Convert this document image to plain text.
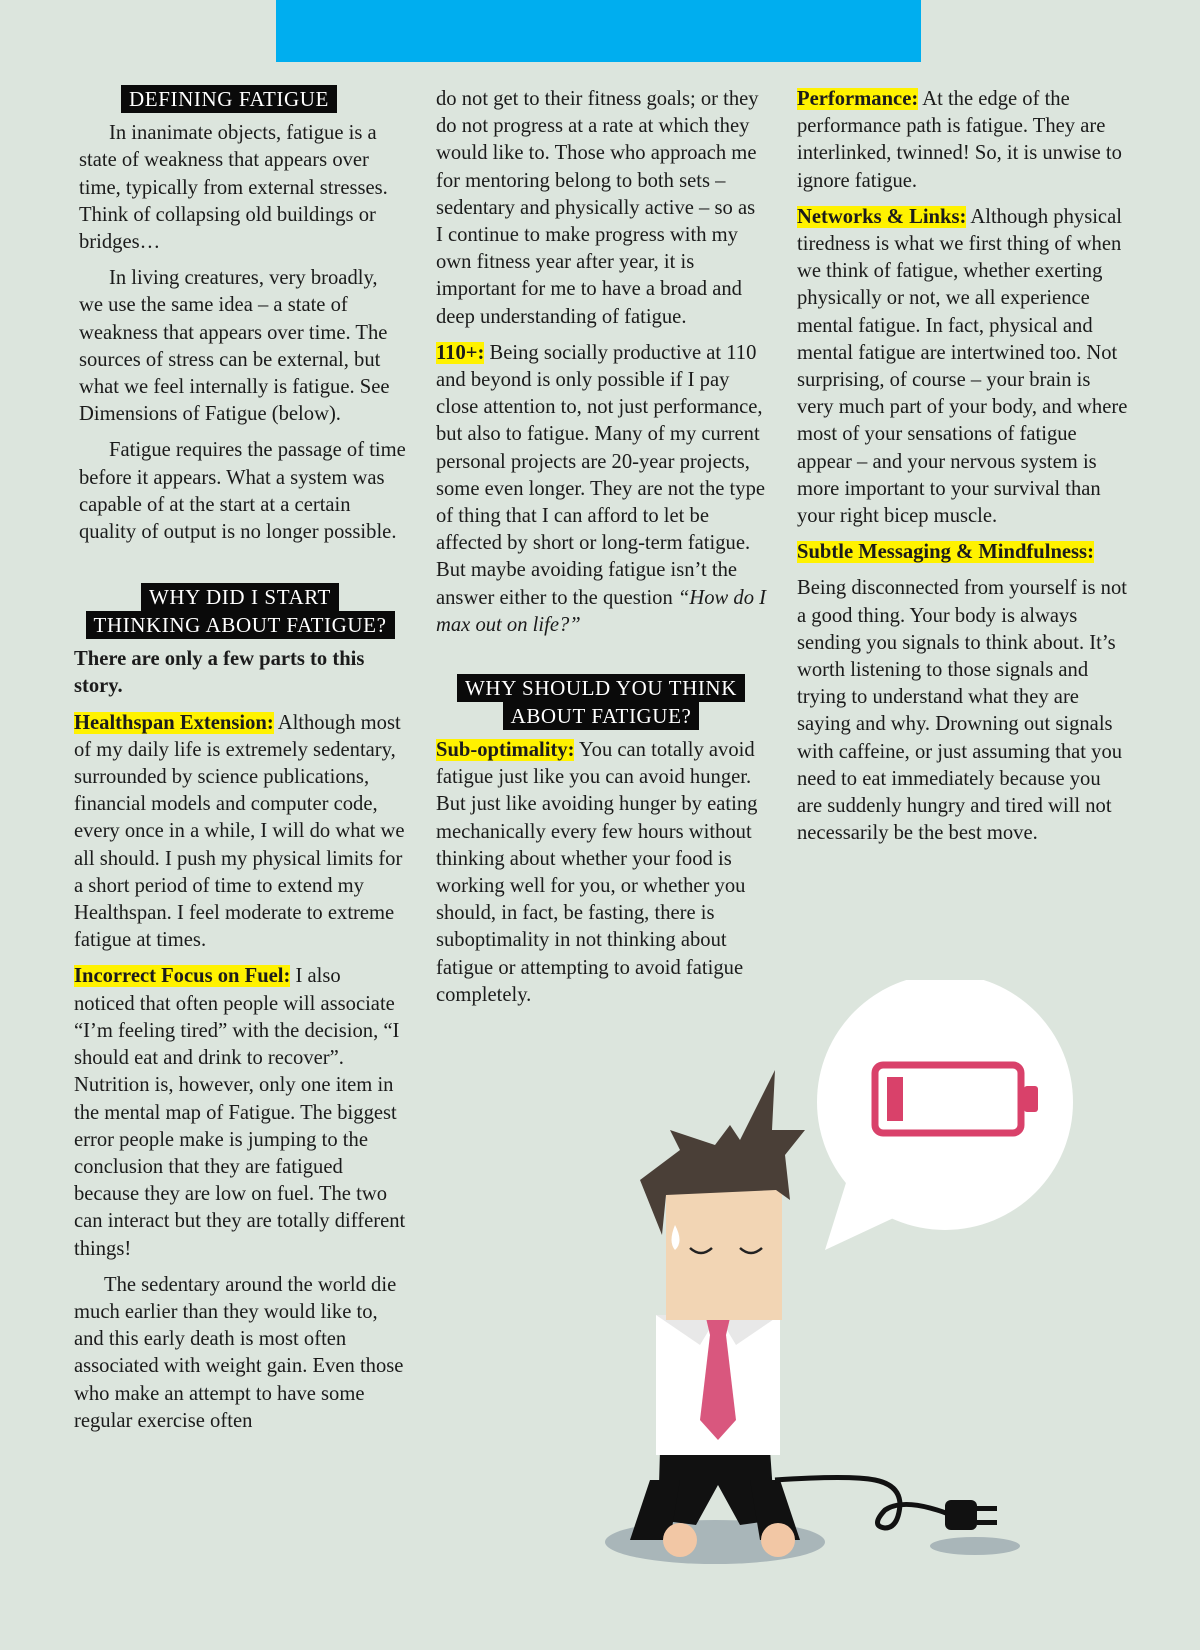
DEFINING FATIGUE

In inanimate objects, fatigue is a state of weakness that appears over time, typically from external stresses. Think of collapsing old buildings or bridges…

In living creatures, very broadly, we use the same idea – a state of weakness that appears over time. The sources of stress can be external, but what we feel internally is fatigue. See Dimensions of Fatigue (below).

Fatigue requires the passage of time before it appears. What a system was capable of at the start at a certain quality of output is no longer possible.

WHY DID I START
THINKING ABOUT FATIGUE?

There are only a few parts to this story.

Healthspan Extension: Although most of my daily life is extremely sedentary, surrounded by science publications, financial models and computer code, every once in a while, I will do what we all should. I push my physical limits for a short period of time to extend my Healthspan. I feel moderate to extreme fatigue at times.

Incorrect Focus on Fuel: I also noticed that often people will associate “I’m feeling tired” with the decision, “I should eat and drink to recover”. Nutrition is, however, only one item in the mental map of Fatigue. The biggest error people make is jumping to the conclusion that they are fatigued because they are low on fuel. The two can interact but they are totally different things!

The sedentary around the world die much earlier than they would like to, and this early death is most often associated with weight gain. Even those who make an attempt to have some regular exercise often

do not get to their fitness goals; or they do not progress at a rate at which they would like to. Those who approach me for mentoring belong to both sets – sedentary and physically active – so as I continue to make progress with my own fitness year after year, it is important for me to have a broad and deep understanding of fatigue.

110+: Being socially productive at 110 and beyond is only possible if I pay close attention to, not just performance, but also to fatigue. Many of my current personal projects are 20-year projects, some even longer. They are not the type of thing that I can afford to let be affected by short or long-term fatigue. But maybe avoiding fatigue isn’t the answer either to the question “How do I max out on life?”

WHY SHOULD YOU THINK
ABOUT FATIGUE?

Sub-optimality: You can totally avoid fatigue just like you can avoid hunger. But just like avoiding hunger by eating mechanically every few hours without thinking about whether your food is working well for you, or whether you should, in fact, be fasting, there is suboptimality in not thinking about fatigue or attempting to avoid fatigue completely.

Performance: At the edge of the performance path is fatigue. They are interlinked, twinned! So, it is unwise to ignore fatigue.

Networks & Links: Although physical tiredness is what we first thing of when we think of fatigue, whether exerting physically or not, we all experience mental fatigue. In fact, physical and mental fatigue are intertwined too. Not surprising, of course – your brain is very much part of your body, and where most of your sensations of fatigue appear – and your nervous system is more important to your survival than your right bicep muscle.

Subtle Messaging & Mindfulness:

Being disconnected from yourself is not a good thing. Your body is always sending you signals to think about. It’s worth listening to those signals and trying to understand what they are saying and why. Drowning out signals with caffeine, or just assuming that you need to eat immediately because you are suddenly hungry and tired will not necessarily be the best move.
